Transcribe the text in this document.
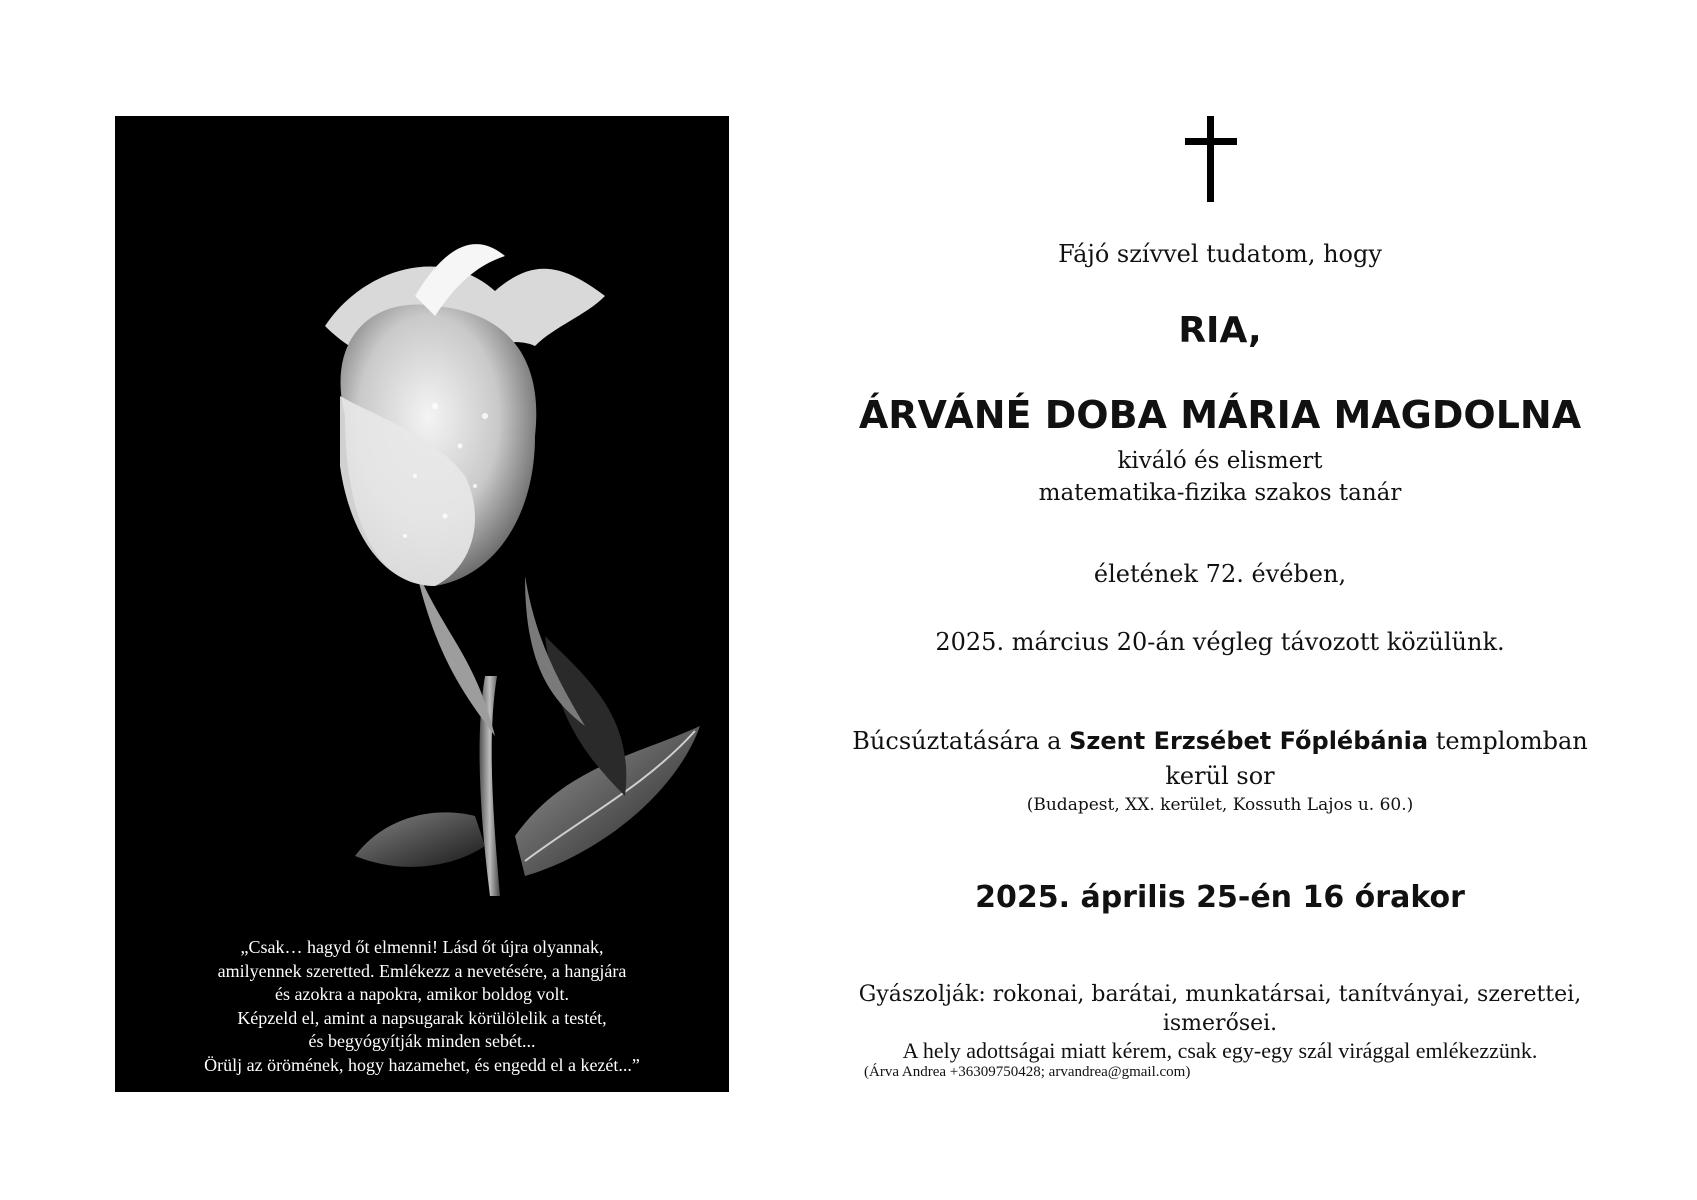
„Csak… hagyd őt elmenni! Lásd őt újra olyannak,
amilyennek szeretted. Emlékezz a nevetésére, a hangjára
és azokra a napokra, amikor boldog volt.
Képzeld el, amint a napsugarak körülölelik a testét,
és begyógyítják minden sebét...
Örülj az örömének, hogy hazamehet, és engedd el a kezét...”
Fájó szívvel tudatom, hogy
RIA,
ÁRVÁNÉ DOBA MÁRIA MAGDOLNA
kiváló és elismert
matematika-fizika szakos tanár
életének 72. évében,
2025. március 20-án végleg távozott közülünk.
Búcsúztatására a Szent Erzsébet Főplébánia templomban
kerül sor
(Budapest, XX. kerület, Kossuth Lajos u. 60.)
2025. április 25-én 16 órakor
Gyászolják: rokonai, barátai, munkatársai, tanítványai, szerettei,
ismerősei.
A hely adottságai miatt kérem, csak egy-egy szál virággal emlékezzünk.
(Árva Andrea +36309750428; arvandrea@gmail.com)
